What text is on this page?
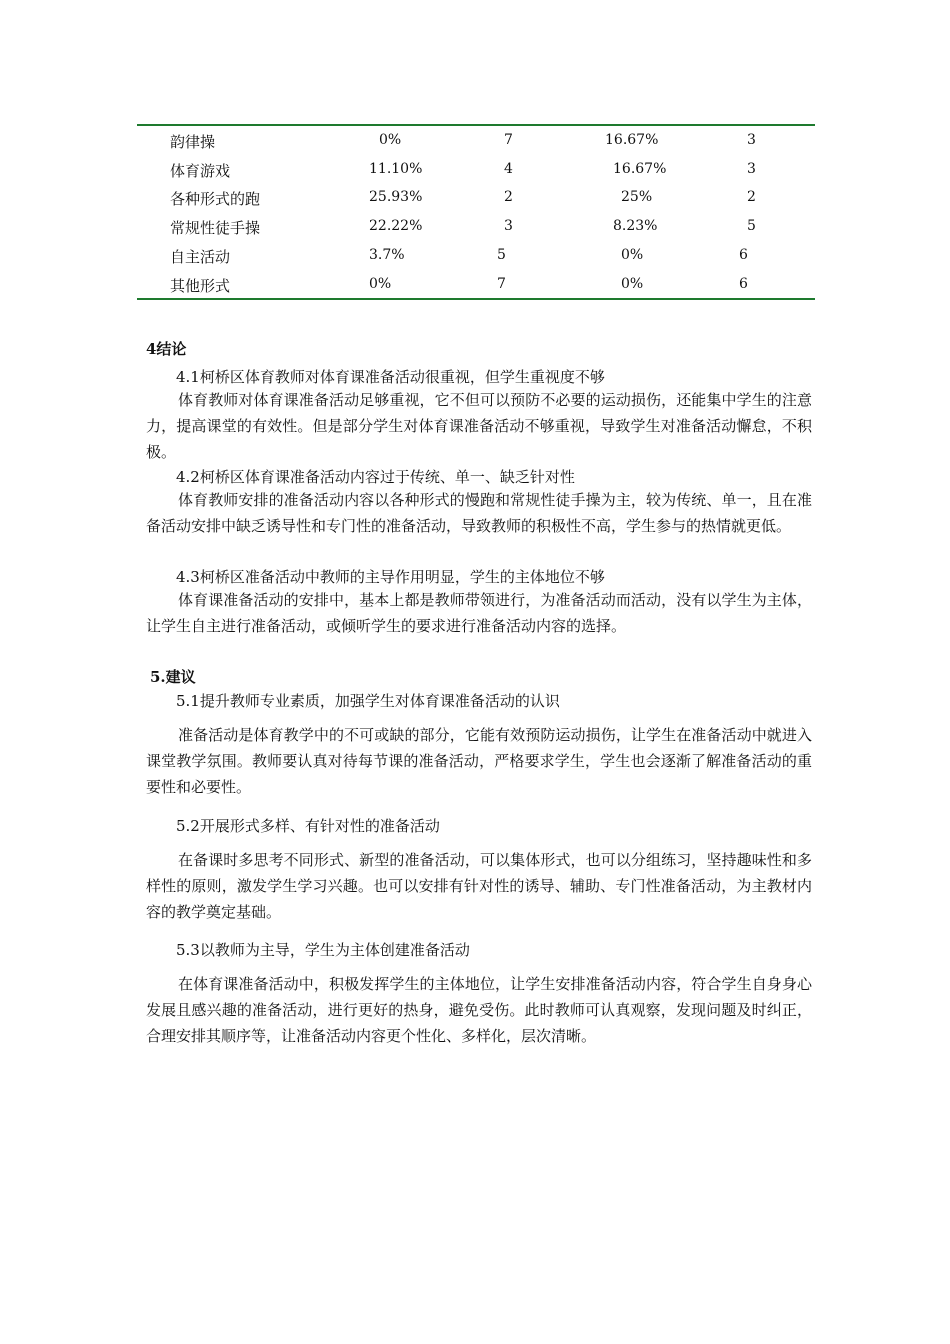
韵律操	0%	7	16.67%	3
体育游戏	11.10%	4	16.67%	3
各种形式的跑	25.93%	2	25%	2
常规性徒手操	22.22%	3	8.23%	5
自主活动	3.7%	5	0%	6
其他形式	0%	7	0%	6
4结论
4.1柯桥区体育教师对体育课准备活动很重视，但学生重视度不够
体育教师对体育课准备活动足够重视，它不但可以预防不必要的运动损伤，还能集中学生的注意力，提高课堂的有效性。但是部分学生对体育课准备活动不够重视，导致学生对准备活动懈怠，不积极。
4.2柯桥区体育课准备活动内容过于传统、单一、缺乏针对性
体育教师安排的准备活动内容以各种形式的慢跑和常规性徒手操为主，较为传统、单一，且在准备活动安排中缺乏诱导性和专门性的准备活动，导致教师的积极性不高，学生参与的热情就更低。
4.3柯桥区准备活动中教师的主导作用明显，学生的主体地位不够
体育课准备活动的安排中，基本上都是教师带领进行，为准备活动而活动，没有以学生为主体，让学生自主进行准备活动，或倾听学生的要求进行准备活动内容的选择。
5.建议
5.1提升教师专业素质，加强学生对体育课准备活动的认识
准备活动是体育教学中的不可或缺的部分，它能有效预防运动损伤，让学生在准备活动中就进入课堂教学氛围。教师要认真对待每节课的准备活动，严格要求学生，学生也会逐渐了解准备活动的重要性和必要性。
5.2开展形式多样、有针对性的准备活动
在备课时多思考不同形式、新型的准备活动，可以集体形式，也可以分组练习，坚持趣味性和多样性的原则，激发学生学习兴趣。也可以安排有针对性的诱导、辅助、专门性准备活动，为主教材内容的教学奠定基础。
5.3以教师为主导，学生为主体创建准备活动
在体育课准备活动中，积极发挥学生的主体地位，让学生安排准备活动内容，符合学生自身身心发展且感兴趣的准备活动，进行更好的热身，避免受伤。此时教师可认真观察，发现问题及时纠正，合理安排其顺序等，让准备活动内容更个性化、多样化，层次清晰。
